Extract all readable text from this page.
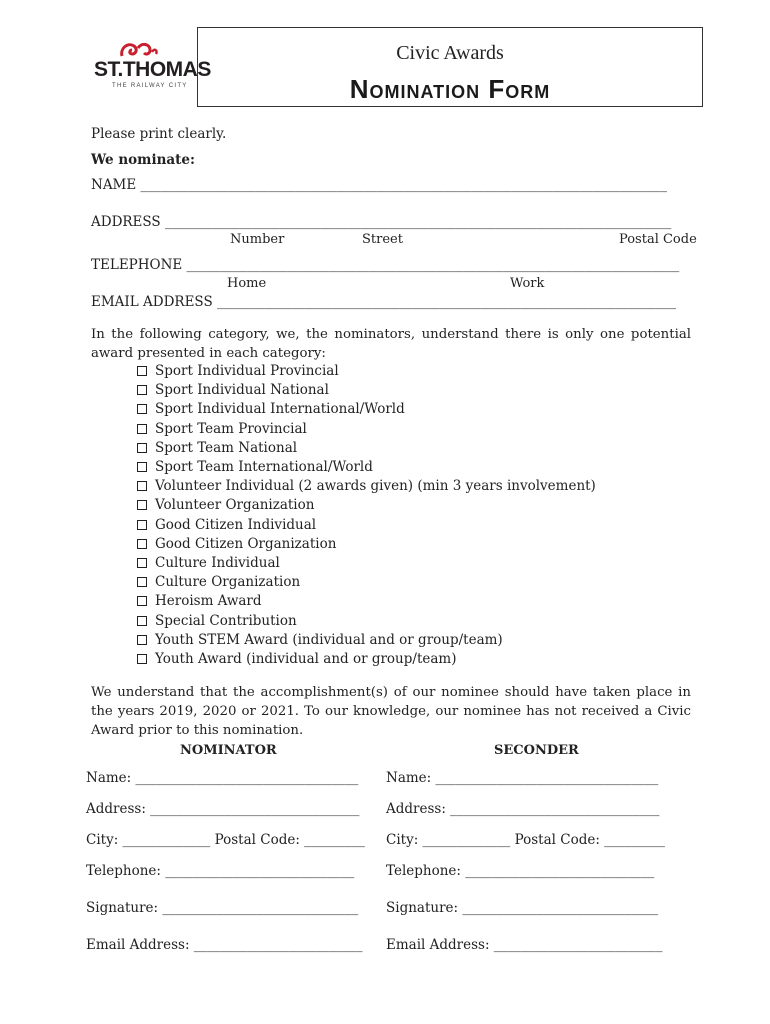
ST.THOMAS
THE RAILWAY CITY
Civic Awards
Nomination Form
Please print clearly.
We nominate:
NAME ______________________________________________________________________________
ADDRESS ___________________________________________________________________________
Number	Street	Postal Code
TELEPHONE _________________________________________________________________________
Home	Work
EMAIL ADDRESS ____________________________________________________________________
In the following category, we, the nominators, understand there is only one potential award presented in each category:
Sport Individual Provincial
Sport Individual National
Sport Individual International/World
Sport Team Provincial
Sport Team National
Sport Team International/World
Volunteer Individual (2 awards given) (min 3 years involvement)
Volunteer Organization
Good Citizen Individual
Good Citizen Organization
Culture Individual
Culture Organization
Heroism Award
Special Contribution
Youth STEM Award (individual and or group/team)
Youth Award (individual and or group/team)
We understand that the accomplishment(s) of our nominee should have taken place in the years 2019, 2020 or 2021. To our knowledge, our nominee has not received a Civic Award prior to this nomination.
NOMINATOR
Name: _________________________________
Address: _______________________________
City: _____________ Postal Code: _________
Telephone: ____________________________
Signature: _____________________________
Email Address: _________________________
SECONDER
Name: _________________________________
Address: _______________________________
City: _____________ Postal Code: _________
Telephone: ____________________________
Signature: _____________________________
Email Address: _________________________
